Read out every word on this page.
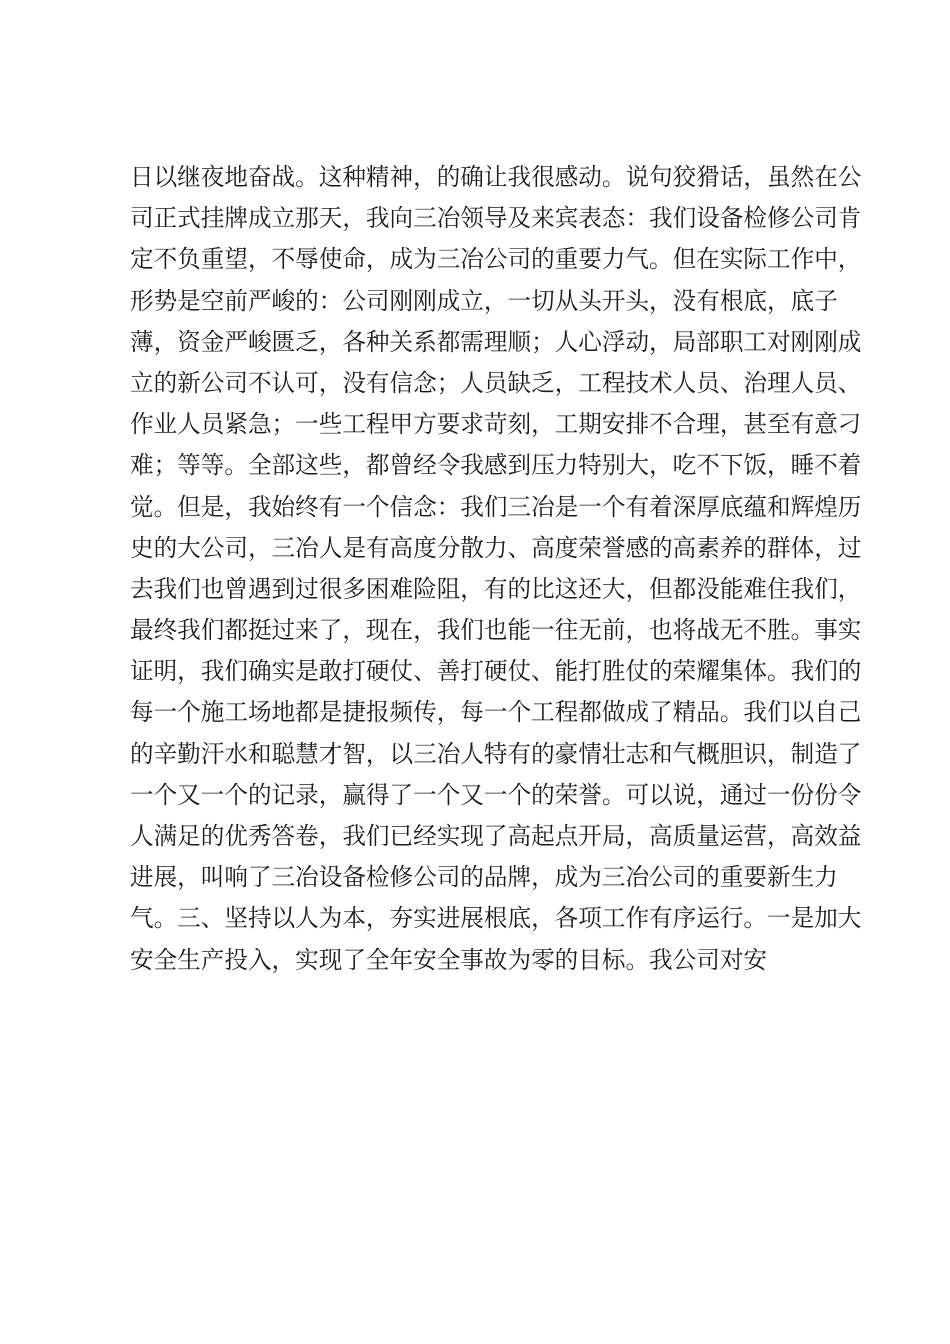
日以继夜地奋战。这种精神，的确让我很感动。说句狡猾话，虽然在公
司正式挂牌成立那天，我向三冶领导及来宾表态：我们设备检修公司肯
定不负重望，不辱使命，成为三冶公司的重要力气。但在实际工作中，
形势是空前严峻的：公司刚刚成立，一切从头开头，没有根底，底子
薄，资金严峻匮乏，各种关系都需理顺；人心浮动，局部职工对刚刚成
立的新公司不认可，没有信念；人员缺乏，工程技术人员、治理人员、
作业人员紧急；一些工程甲方要求苛刻，工期安排不合理，甚至有意刁
难；等等。全部这些，都曾经令我感到压力特别大，吃不下饭，睡不着
觉。但是，我始终有一个信念：我们三冶是一个有着深厚底蕴和辉煌历
史的大公司，三冶人是有高度分散力、高度荣誉感的高素养的群体，过
去我们也曾遇到过很多困难险阻，有的比这还大，但都没能难住我们，
最终我们都挺过来了，现在，我们也能一往无前，也将战无不胜。事实
证明，我们确实是敢打硬仗、善打硬仗、能打胜仗的荣耀集体。我们的
每一个施工场地都是捷报频传，每一个工程都做成了精品。我们以自己
的辛勤汗水和聪慧才智，以三冶人特有的豪情壮志和气概胆识，制造了
一个又一个的记录，赢得了一个又一个的荣誉。可以说，通过一份份令
人满足的优秀答卷，我们已经实现了高起点开局，高质量运营，高效益
进展，叫响了三冶设备检修公司的品牌，成为三冶公司的重要新生力
气。三、坚持以人为本，夯实进展根底，各项工作有序运行。一是加大
安全生产投入，实现了全年安全事故为零的目标。我公司对安
